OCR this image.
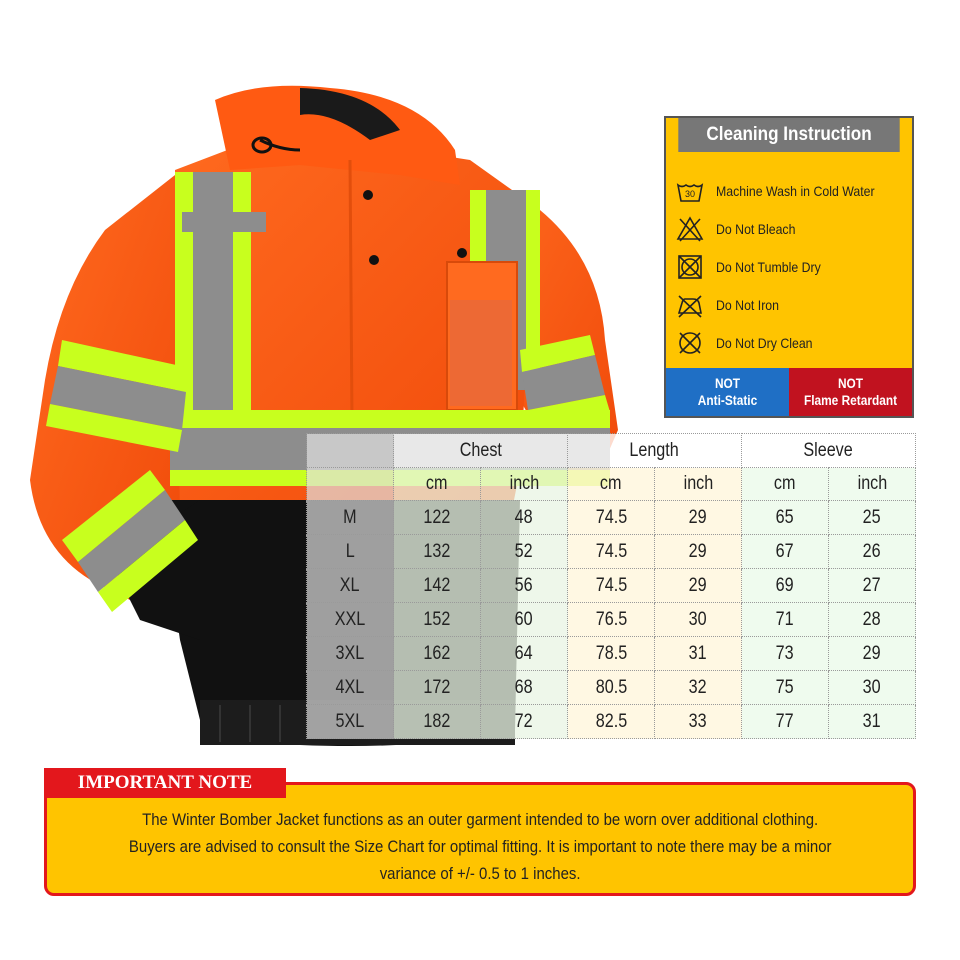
Cleaning Instruction
30 Machine Wash in Cold Water
Do Not Bleach
Do Not Tumble Dry
Do Not Iron
Do Not Dry Clean
NOT
Anti-Static
NOT
Flame Retardant
	Chest		Length		Sleeve	
	cm	inch	cm	inch	cm	inch
M	122	48	74.5	29	65	25
L	132	52	74.5	29	67	26
XL	142	56	74.5	29	69	27
XXL	152	60	76.5	30	71	28
3XL	162	64	78.5	31	73	29
4XL	172	68	80.5	32	75	30
5XL	182	72	82.5	33	77	31
IMPORTANT NOTE
The Winter Bomber Jacket functions as an outer garment intended to be worn over additional clothing.
Buyers are advised to consult the Size Chart for optimal fitting. It is important to note there may be a minor
variance of +/- 0.5 to 1 inches.
